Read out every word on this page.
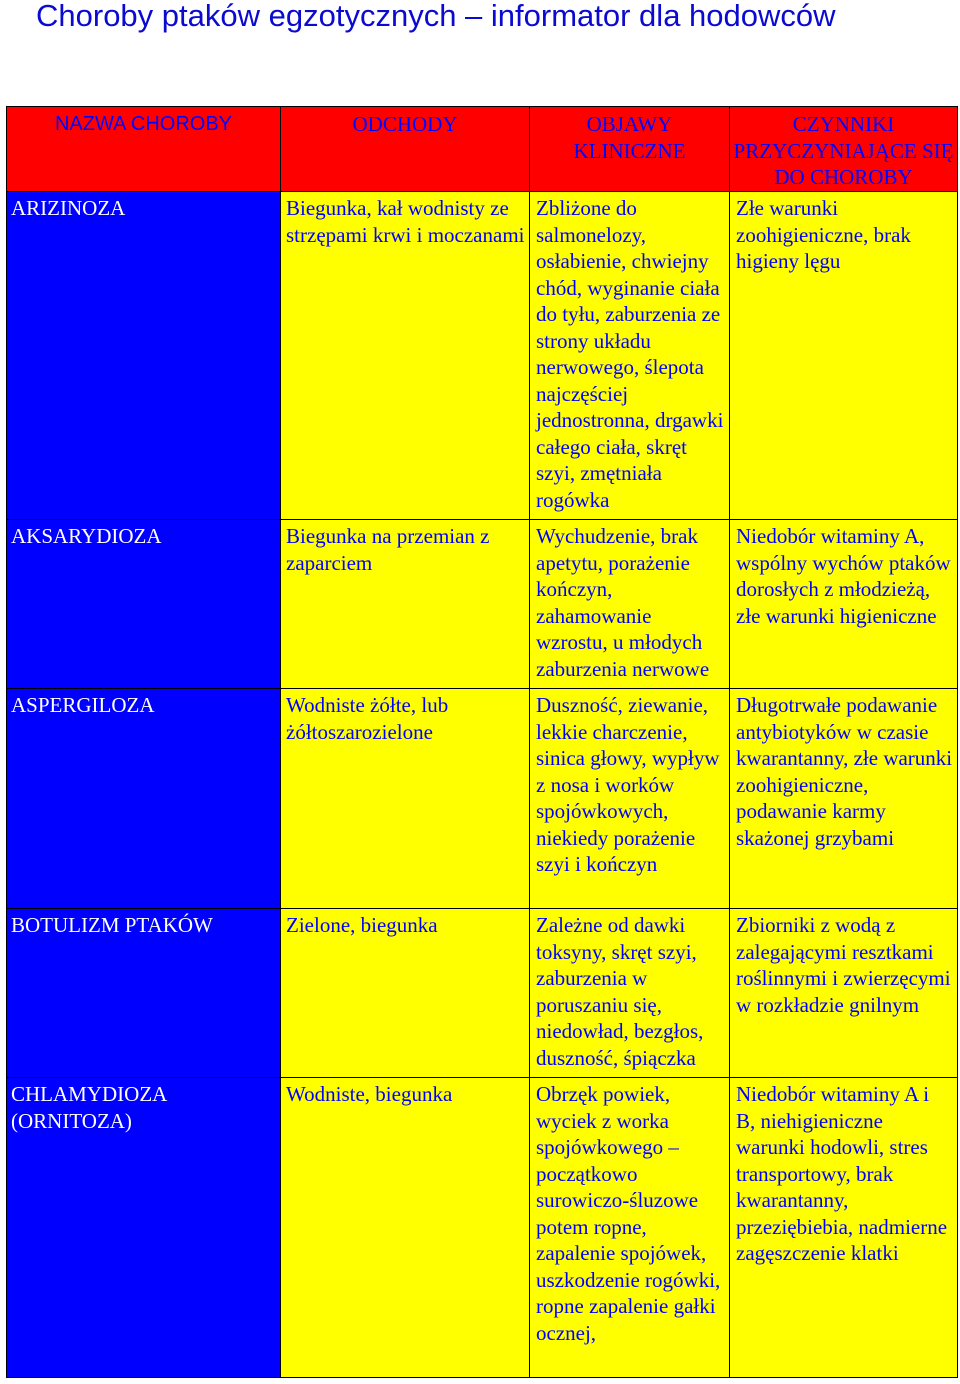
Choroby ptaków egzotycznych – informator dla hodowców
NAZWA CHOROBY	ODCHODY	OBJAWY KLINICZNE	CZYNNIKI PRZYCZYNIAJĄCE SIĘ DO CHOROBY
ARIZINOZA	Biegunka, kał wodnisty ze strzępami krwi i moczanami	Zbliżone do salmonelozy, osłabienie, chwiejny chód, wyginanie ciała do tyłu, zaburzenia ze strony układu nerwowego, ślepota najczęściej jednostronna, drgawki całego ciała, skręt szyi, zmętniała rogówka	Złe warunki zoohigieniczne, brak higieny lęgu
AKSARYDIOZA	Biegunka na przemian z zaparciem	Wychudzenie, brak apetytu, porażenie kończyn, zahamowanie wzrostu, u młodych zaburzenia nerwowe	Niedobór witaminy A, wspólny wychów ptaków dorosłych z młodzieżą, złe warunki higieniczne
ASPERGILOZA	Wodniste żółte, lub żółtoszarozielone	Duszność, ziewanie, lekkie charczenie, sinica głowy, wypływ z nosa i worków spojówkowych, niekiedy porażenie szyi i kończyn	Długotrwałe podawanie antybiotyków w czasie kwarantanny, złe warunki zoohigieniczne, podawanie karmy skażonej grzybami
BOTULIZM PTAKÓW	Zielone, biegunka	Zależne od dawki toksyny, skręt szyi, zaburzenia w poruszaniu się, niedowład, bezgłos, duszność, śpiączka	Zbiorniki z wodą z zalegającymi resztkami roślinnymi i zwierzęcymi w rozkładzie gnilnym
CHLAMYDIOZA (ORNITOZA)	Wodniste, biegunka	Obrzęk powiek, wyciek z worka spojówkowego – początkowo surowiczo-śluzowe potem ropne, zapalenie spojówek, uszkodzenie rogówki, ropne zapalenie gałki ocznej,	Niedobór witaminy A i B, niehigieniczne warunki hodowli, stres transportowy, brak kwarantanny, przeziębiebia, nadmierne zagęszczenie klatki
